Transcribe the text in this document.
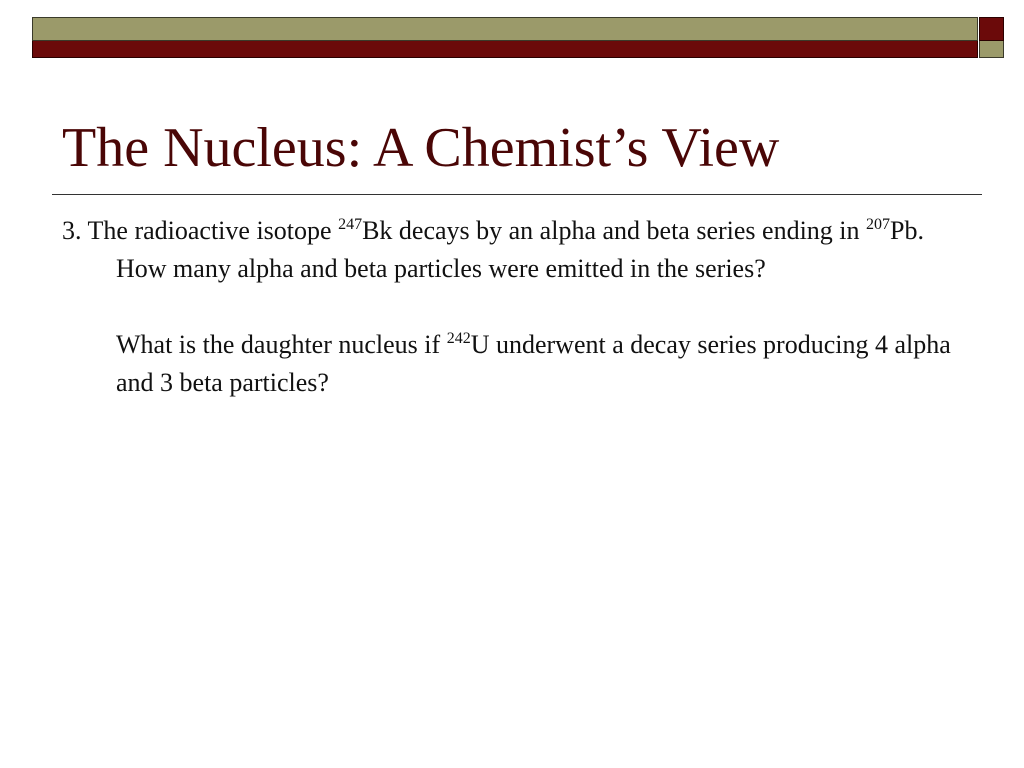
The Nucleus: A Chemist’s View

3. The radioactive isotope $^{247}$Bk decays by an alpha and beta series ending in $^{207}$Pb. How many alpha and beta particles were emitted in the series?

What is the daughter nucleus if $^{242}$U underwent a decay series producing 4 alpha and 3 beta particles?
